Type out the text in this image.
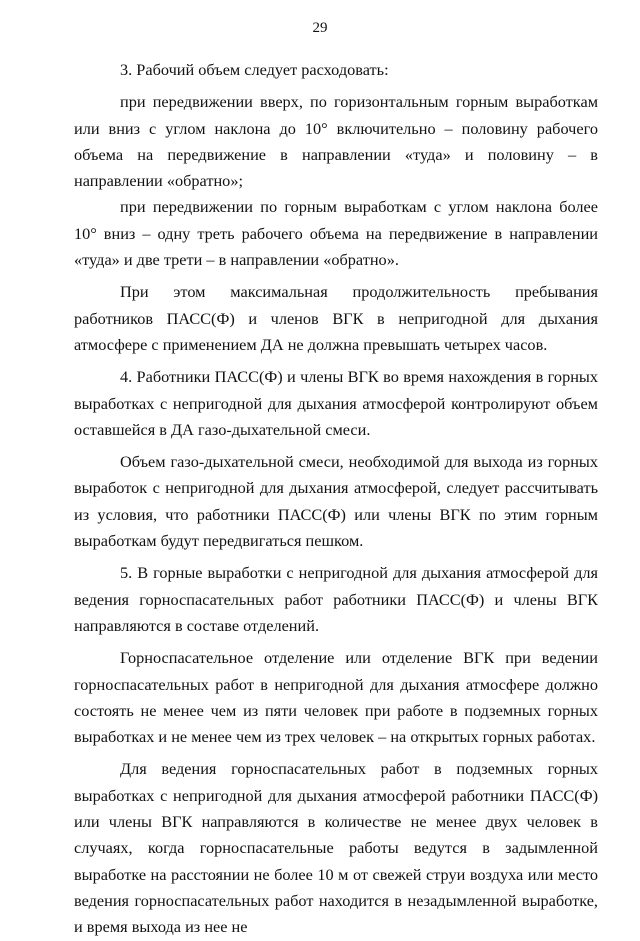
29

3. Рабочий объем следует расходовать:

при передвижении вверх, по горизонтальным горным выработкам или вниз с углом наклона до 10° включительно – половину рабочего объема на передвижение в направлении «туда» и половину – в направлении «обратно»;

при передвижении по горным выработкам с углом наклона более 10° вниз – одну треть рабочего объема на передвижение в направлении «туда» и две трети – в направлении «обратно».

При этом максимальная продолжительность пребывания работников ПАСС(Ф) и членов ВГК в непригодной для дыхания атмосфере с применением ДА не должна превышать четырех часов.

4. Работники ПАСС(Ф) и члены ВГК во время нахождения в горных выработках с непригодной для дыхания атмосферой контролируют объем оставшейся в ДА газо-дыхательной смеси.

Объем газо-дыхательной смеси, необходимой для выхода из горных выработок с непригодной для дыхания атмосферой, следует рассчитывать из условия, что работники ПАСС(Ф) или члены ВГК по этим горным выработкам будут передвигаться пешком.

5. В горные выработки с непригодной для дыхания атмосферой для ведения горноспасательных работ работники ПАСС(Ф) и члены ВГК направляются в составе отделений.

Горноспасательное отделение или отделение ВГК при ведении горноспасательных работ в непригодной для дыхания атмосфере должно состоять не менее чем из пяти человек при работе в подземных горных выработках и не менее чем из трех человек – на открытых горных работах.

Для ведения горноспасательных работ в подземных горных выработках с непригодной для дыхания атмосферой работники ПАСС(Ф) или члены ВГК направляются в количестве не менее двух человек в случаях, когда горноспасательные работы ведутся в задымленной выработке на расстоянии не более 10 м от свежей струи воздуха или место ведения горноспасательных работ находится в незадымленной выработке, и время выхода из нее не
